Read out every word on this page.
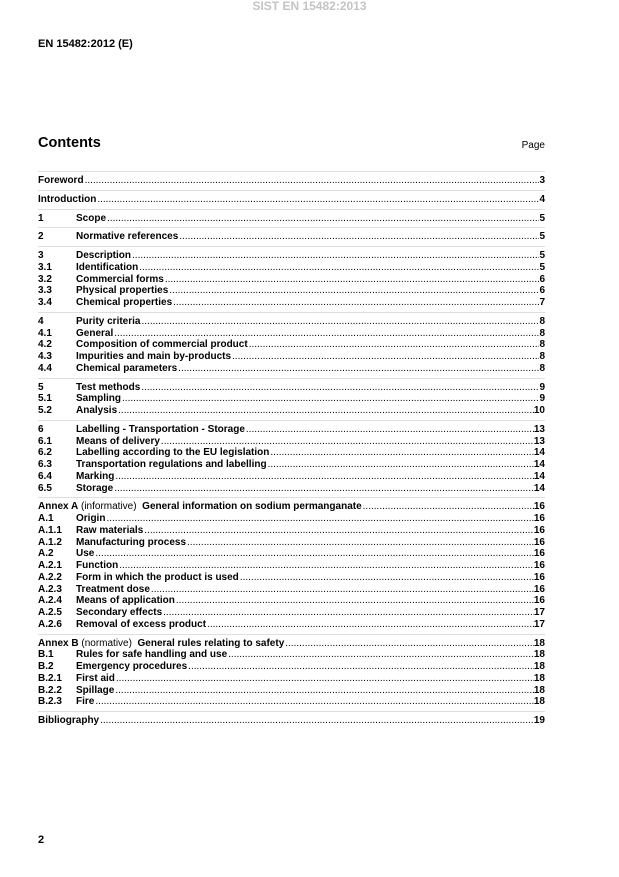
SIST EN 15482:2013
EN 15482:2012 (E)
Contents	Page
Foreword .....	3
Introduction .....	4
1	Scope .....	5
2	Normative references .....	5
3	Description .....	5
3.1	Identification .....	5
3.2	Commercial forms .....	6
3.3	Physical properties .....	6
3.4	Chemical properties .....	7
4	Purity criteria .....	8
4.1	General .....	8
4.2	Composition of commercial product .....	8
4.3	Impurities and main by-products .....	8
4.4	Chemical parameters .....	8
5	Test methods .....	9
5.1	Sampling .....	9
5.2	Analysis .....	10
6	Labelling - Transportation - Storage .....	13
6.1	Means of delivery .....	13
6.2	Labelling according to the EU legislation .....	14
6.3	Transportation regulations and labelling .....	14
6.4	Marking .....	14
6.5	Storage .....	14
Annex A (informative) General information on sodium permanganate .....	16
A.1	Origin .....	16
A.1.1	Raw materials .....	16
A.1.2	Manufacturing process .....	16
A.2	Use .....	16
A.2.1	Function .....	16
A.2.2	Form in which the product is used .....	16
A.2.3	Treatment dose .....	16
A.2.4	Means of application .....	16
A.2.5	Secondary effects .....	17
A.2.6	Removal of excess product .....	17
Annex B (normative) General rules relating to safety .....	18
B.1	Rules for safe handling and use .....	18
B.2	Emergency procedures .....	18
B.2.1	First aid .....	18
B.2.2	Spillage .....	18
B.2.3	Fire .....	18
Bibliography .....	19
2
